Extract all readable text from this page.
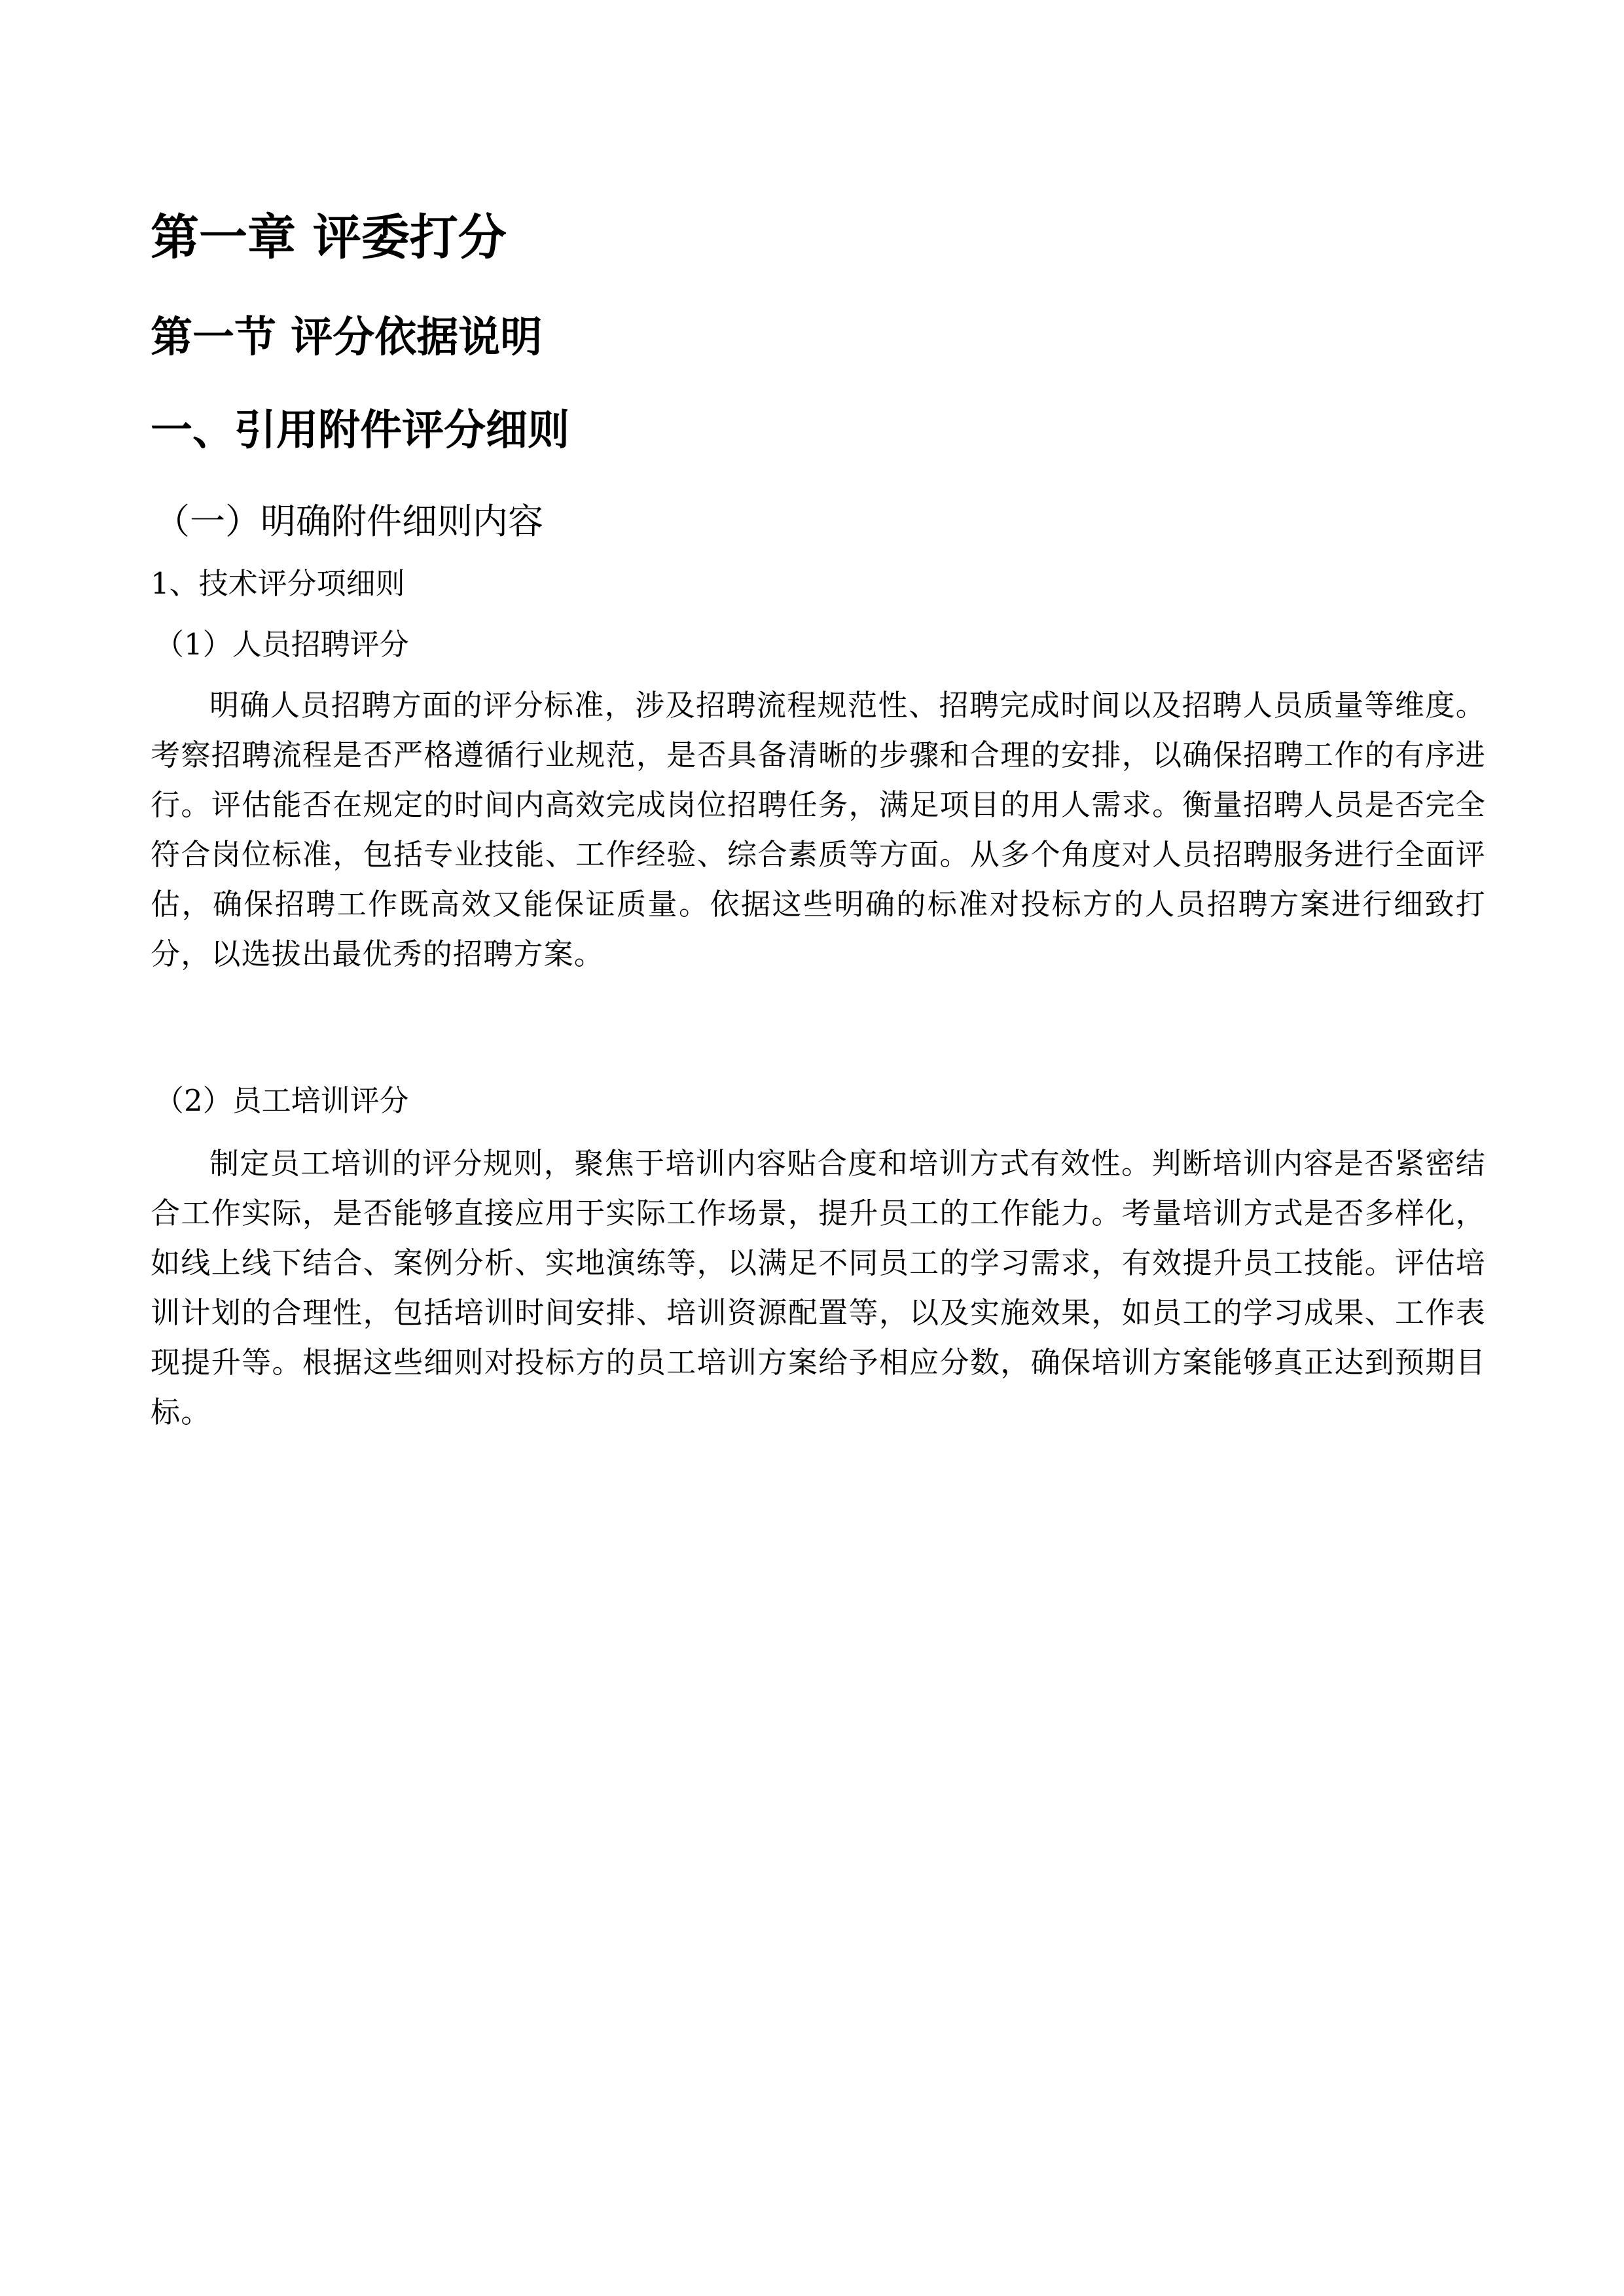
第一章 评委打分
第一节 评分依据说明
一、引用附件评分细则
（一）明确附件细则内容
1、技术评分项细则
（1）人员招聘评分

明确人员招聘方面的评分标准，涉及招聘流程规范性、招聘完成时间以及招聘人员质量等维度。考察招聘流程是否严格遵循行业规范，是否具备清晰的步骤和合理的安排，以确保招聘工作的有序进行。评估能否在规定的时间内高效完成岗位招聘任务，满足项目的用人需求。衡量招聘人员是否完全符合岗位标准，包括专业技能、工作经验、综合素质等方面。从多个角度对人员招聘服务进行全面评估，确保招聘工作既高效又能保证质量。依据这些明确的标准对投标方的人员招聘方案进行细致打分，以选拔出最优秀的招聘方案。

（2）员工培训评分

制定员工培训的评分规则，聚焦于培训内容贴合度和培训方式有效性。判断培训内容是否紧密结合工作实际，是否能够直接应用于实际工作场景，提升员工的工作能力。考量培训方式是否多样化，如线上线下结合、案例分析、实地演练等，以满足不同员工的学习需求，有效提升员工技能。评估培训计划的合理性，包括培训时间安排、培训资源配置等，以及实施效果，如员工的学习成果、工作表现提升等。根据这些细则对投标方的员工培训方案给予相应分数，确保培训方案能够真正达到预期目标。
